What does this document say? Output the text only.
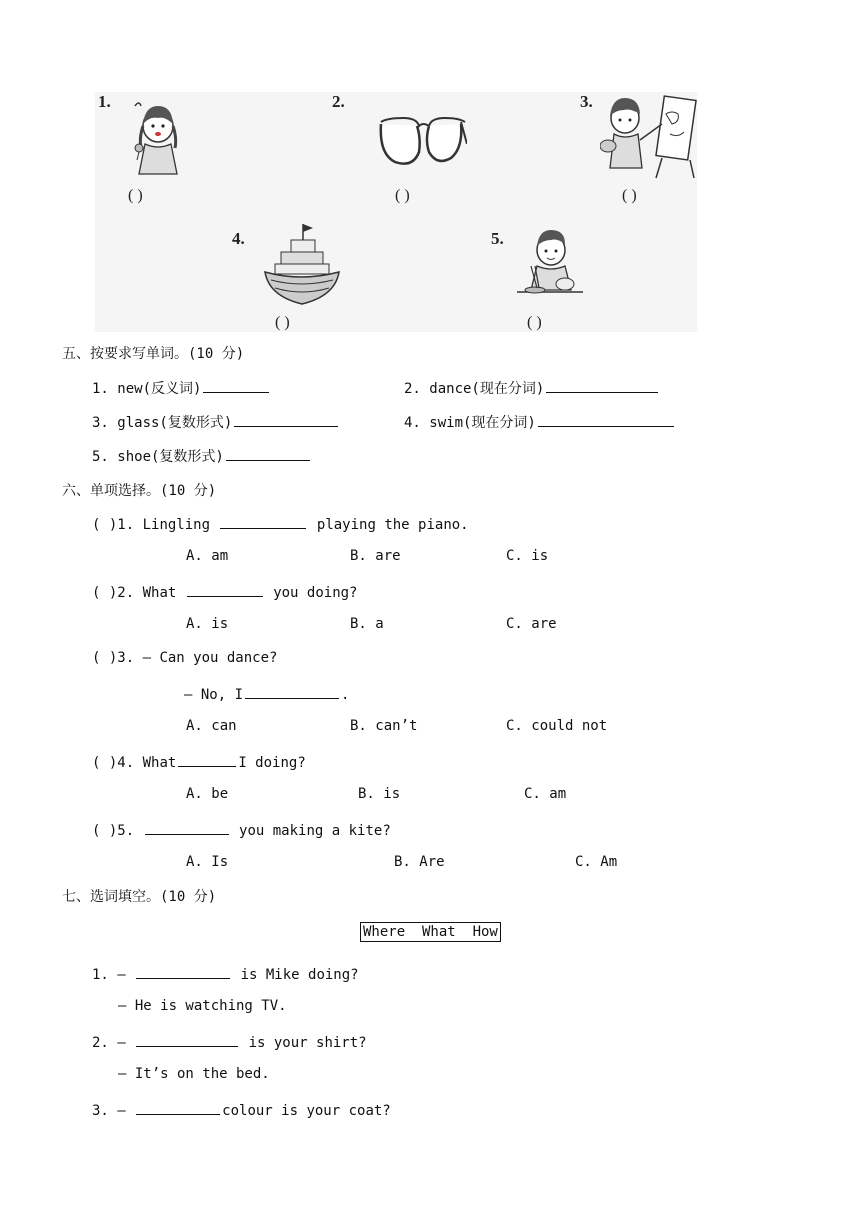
1.
( )
2.
( )
3.
( )
4.
( )
5.
( )
五、按要求写单词。(10 分)
1. new(反义词)	2. dance(现在分词)
3. glass(复数形式)	4. swim(现在分词)
5. shoe(复数形式)
六、单项选择。(10 分)
( )1. Lingling	playing the piano.
A. am	B. are	C. is
( )2. What	you doing?
A. is	B. a	C. are
( )3. — Can you dance?
— No, I	.
A. can	B. can’t	C. could not
( )4. What	I doing?
A. be	B. is	C. am
( )5.	you making a kite?
A. Is	B. Are	C. Am
七、选词填空。(10 分)
Where  What  How
1. —	is Mike doing?
— He is watching TV.
2. —	is your shirt?
— It’s on the bed.
3. —	colour is your coat?
